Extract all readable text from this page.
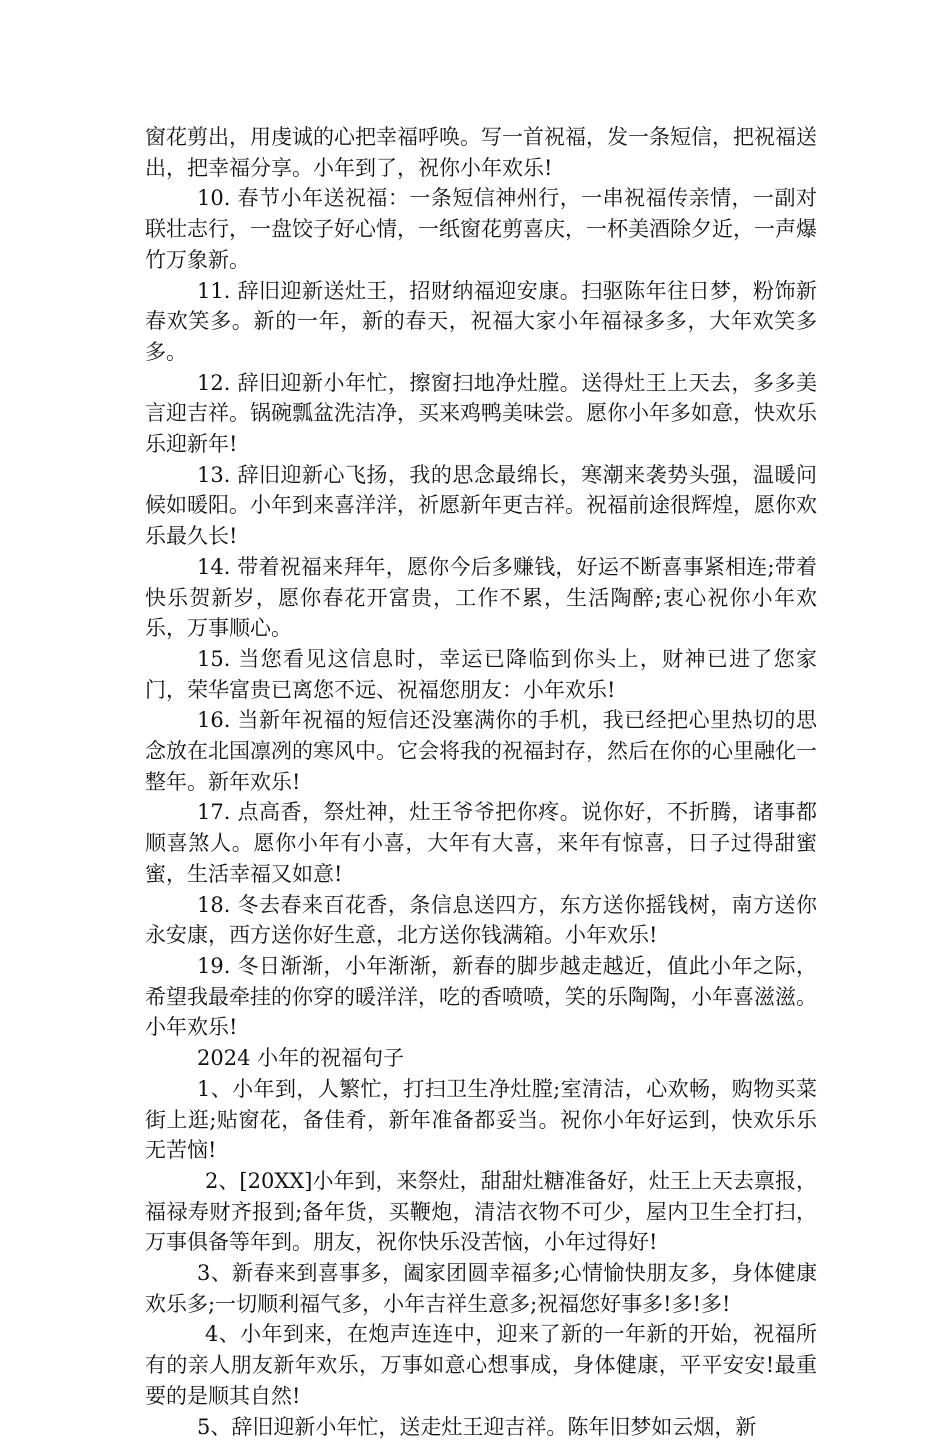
窗花剪出，用虔诚的心把幸福呼唤。写一首祝福，发一条短信，把祝福送出，把幸福分享。小年到了，祝你小年欢乐!

10. 春节小年送祝福：一条短信神州行，一串祝福传亲情，一副对联壮志行，一盘饺子好心情，一纸窗花剪喜庆，一杯美酒除夕近，一声爆竹万象新。

11. 辞旧迎新送灶王，招财纳福迎安康。扫驱陈年往日梦，粉饰新春欢笑多。新的一年，新的春天，祝福大家小年福禄多多，大年欢笑多多。

12. 辞旧迎新小年忙，擦窗扫地净灶膛。送得灶王上天去，多多美言迎吉祥。锅碗瓢盆洗洁净，买来鸡鸭美味尝。愿你小年多如意，快欢乐乐迎新年!

13. 辞旧迎新心飞扬，我的思念最绵长，寒潮来袭势头强，温暖问候如暖阳。小年到来喜洋洋，祈愿新年更吉祥。祝福前途很辉煌，愿你欢乐最久长!

14. 带着祝福来拜年，愿你今后多赚钱，好运不断喜事紧相连;带着快乐贺新岁，愿你春花开富贵，工作不累，生活陶醉;衷心祝你小年欢乐，万事顺心。

15. 当您看见这信息时，幸运已降临到你头上，财神已进了您家门，荣华富贵已离您不远、祝福您朋友：小年欢乐!

16. 当新年祝福的短信还没塞满你的手机，我已经把心里热切的思念放在北国凛冽的寒风中。它会将我的祝福封存，然后在你的心里融化一整年。新年欢乐!

17. 点高香，祭灶神，灶王爷爷把你疼。说你好，不折腾，诸事都顺喜煞人。愿你小年有小喜，大年有大喜，来年有惊喜，日子过得甜蜜蜜，生活幸福又如意!

18. 冬去春来百花香，条信息送四方，东方送你摇钱树，南方送你永安康，西方送你好生意，北方送你钱满箱。小年欢乐!

19. 冬日渐渐，小年渐渐，新春的脚步越走越近，值此小年之际，希望我最牵挂的你穿的暖洋洋，吃的香喷喷，笑的乐陶陶，小年喜滋滋。小年欢乐!

2024 小年的祝福句子

1、小年到，人繁忙，打扫卫生净灶膛;室清洁，心欢畅，购物买菜街上逛;贴窗花，备佳肴，新年准备都妥当。祝你小年好运到，快欢乐乐无苦恼!

2、[20XX]小年到，来祭灶，甜甜灶糖准备好，灶王上天去禀报，福禄寿财齐报到;备年货，买鞭炮，清洁衣物不可少，屋内卫生全打扫，万事俱备等年到。朋友，祝你快乐没苦恼，小年过得好!

3、新春来到喜事多，阖家团圆幸福多;心情愉快朋友多，身体健康欢乐多;一切顺利福气多，小年吉祥生意多;祝福您好事多!多!多!

4、小年到来，在炮声连连中，迎来了新的一年新的开始，祝福所有的亲人朋友新年欢乐，万事如意心想事成，身体健康，平平安安!最重要的是顺其自然!

5、辞旧迎新小年忙，送走灶王迎吉祥。陈年旧梦如云烟，新
